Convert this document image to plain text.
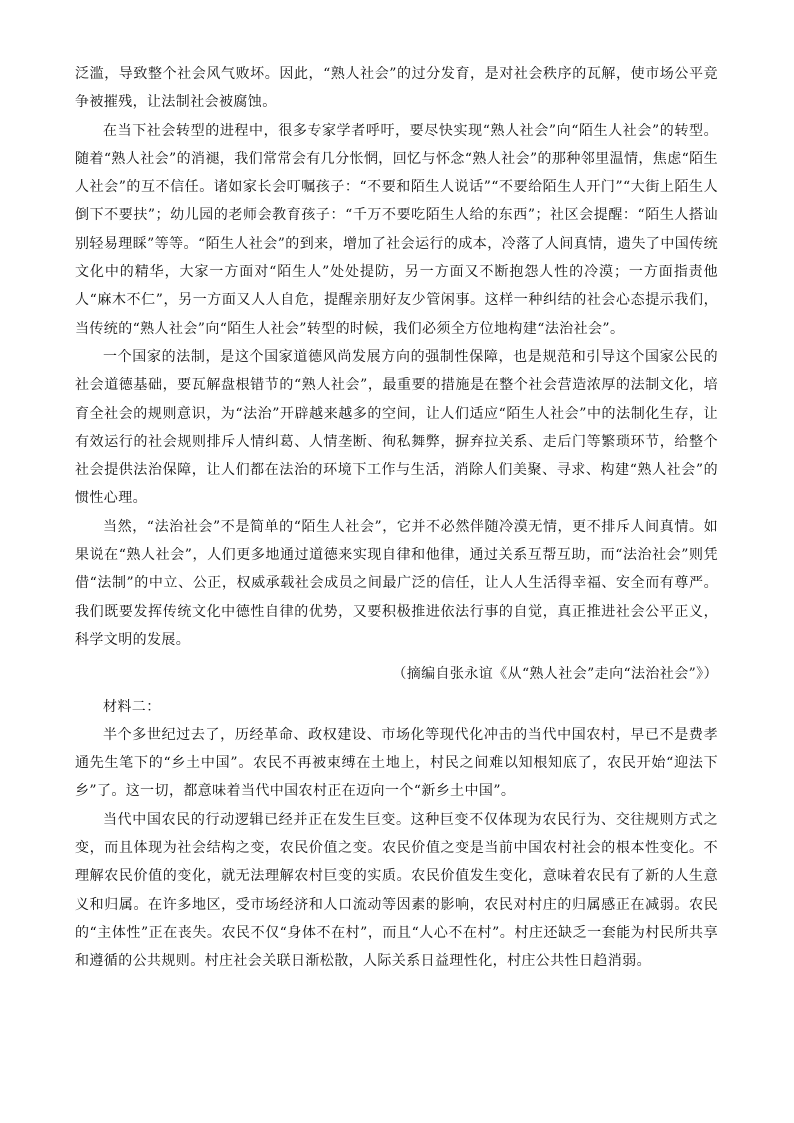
泛滥，导致整个社会风气败坏。因此，“熟人社会”的过分发育，是对社会秩序的瓦解，使市场公平竞争被摧残，让法制社会被腐蚀。

在当下社会转型的进程中，很多专家学者呼吁，要尽快实现“熟人社会”向“陌生人社会”的转型。随着“熟人社会”的消褪，我们常常会有几分怅惘，回忆与怀念“熟人社会”的那种邻里温情，焦虑“陌生人社会”的互不信任。诸如家长会叮嘱孩子：“不要和陌生人说话”“不要给陌生人开门”“大街上陌生人倒下不要扶”；幼儿园的老师会教育孩子：“千万不要吃陌生人给的东西”；社区会提醒：“陌生人搭讪别轻易理睬”等等。“陌生人社会”的到来，增加了社会运行的成本，冷落了人间真情，遗失了中国传统文化中的精华，大家一方面对“陌生人”处处提防，另一方面又不断抱怨人性的冷漠；一方面指责他人“麻木不仁”，另一方面又人人自危，提醒亲朋好友少管闲事。这样一种纠结的社会心态提示我们，当传统的“熟人社会”向“陌生人社会”转型的时候，我们必须全方位地构建“法治社会”。

一个国家的法制，是这个国家道德风尚发展方向的强制性保障，也是规范和引导这个国家公民的社会道德基础，要瓦解盘根错节的“熟人社会”，最重要的措施是在整个社会营造浓厚的法制文化，培育全社会的规则意识，为“法治”开辟越来越多的空间，让人们适应“陌生人社会”中的法制化生存，让有效运行的社会规则排斥人情纠葛、人情垄断、徇私舞弊，摒弃拉关系、走后门等繁琐环节，给整个社会提供法治保障，让人们都在法治的环境下工作与生活，消除人们美聚、寻求、构建“熟人社会”的惯性心理。

当然，“法治社会”不是简单的“陌生人社会”，它并不必然伴随冷漠无情，更不排斥人间真情。如果说在“熟人社会”，人们更多地通过道德来实现自律和他律，通过关系互帮互助，而“法治社会”则凭借“法制”的中立、公正，权威承载社会成员之间最广泛的信任，让人人生活得幸福、安全而有尊严。我们既要发挥传统文化中德性自律的优势，又要积极推进依法行事的自觉，真正推进社会公平正义，科学文明的发展。

（摘编自张永谊《从“熟人社会”走向“法治社会”》）

材料二：

半个多世纪过去了，历经革命、政权建设、市场化等现代化冲击的当代中国农村，早已不是费孝通先生笔下的“乡土中国”。农民不再被束缚在土地上，村民之间难以知根知底了，农民开始“迎法下乡”了。这一切，都意味着当代中国农村正在迈向一个“新乡土中国”。

当代中国农民的行动逻辑已经并正在发生巨变。这种巨变不仅体现为农民行为、交往规则方式之变，而且体现为社会结构之变，农民价值之变。农民价值之变是当前中国农村社会的根本性变化。不理解农民价值的变化，就无法理解农村巨变的实质。农民价值发生变化，意味着农民有了新的人生意义和归属。在许多地区，受市场经济和人口流动等因素的影响，农民对村庄的归属感正在减弱。农民的“主体性”正在丧失。农民不仅“身体不在村”，而且“人心不在村”。村庄还缺乏一套能为村民所共享和遵循的公共规则。村庄社会关联日渐松散，人际关系日益理性化，村庄公共性日趋消弱。
